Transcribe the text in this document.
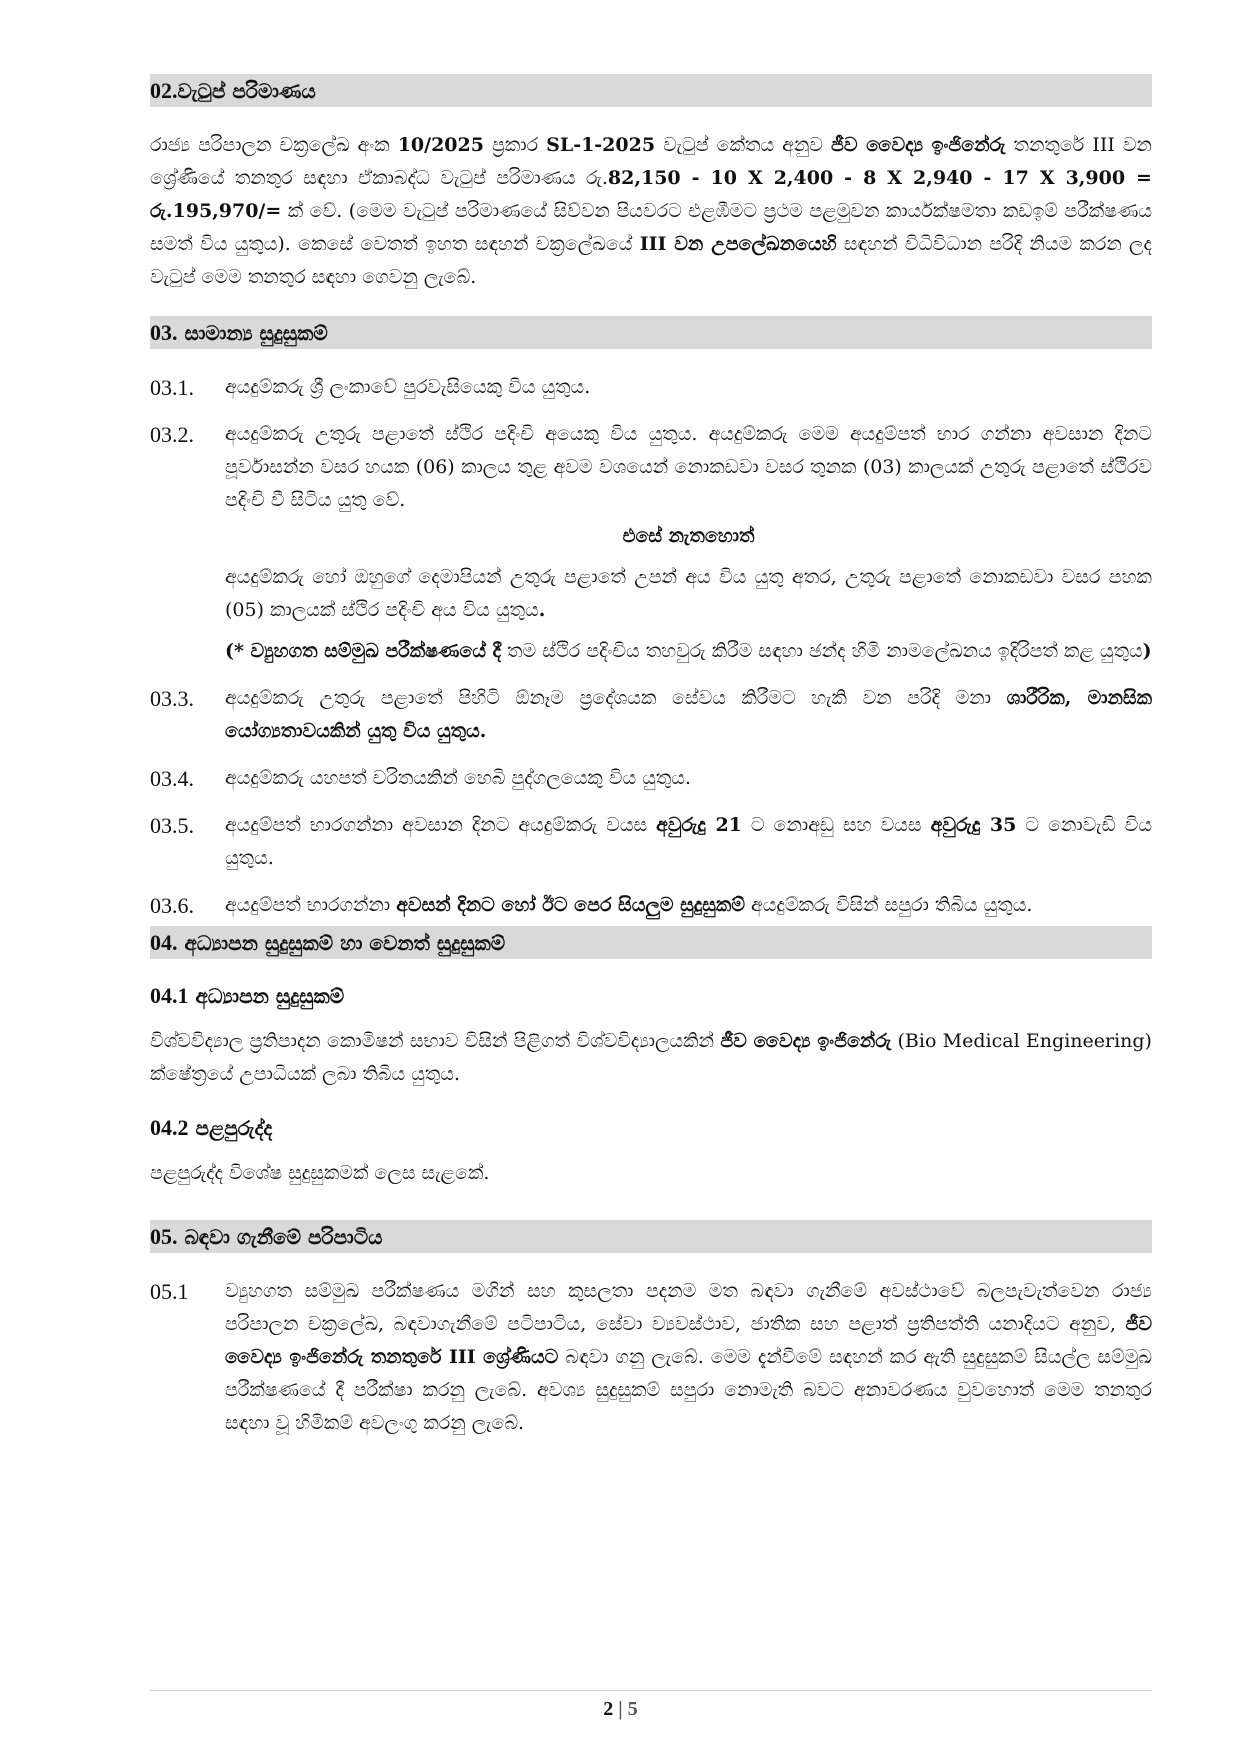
02.වැටුප් පරිමාණය

රාජ්‍ය පරිපාලන චක්‍රලේඛ අංක 10/2025 ප්‍රකාර SL-1-2025 වැටුප් කේතය අනුව ජීව වෛද්‍ය ඉංජිනේරු තනතුරේ III වන ශ්‍රේණියේ තනතුර සඳහා ඒකාබද්ධ වැටුප් පරිමාණය රු.82,150 - 10 X 2,400 - 8 X 2,940 - 17 X 3,900 = රු.195,970/= ක් වේ. (මෙම වැටුප් පරිමාණයේ සිව්වන පියවරට එළඹීමට ප්‍රථම පළමුවන කාර්යක්ෂමතා කඩඉම් පරීක්ෂණය සමත් විය යුතුය). කෙසේ වෙතත් ඉහත සඳහන් චක්‍රලේඛයේ III වන උපලේඛනයෙහි සඳහන් විධිවිධාන පරිදි නියම කරන ලද වැටුප් මෙම තනතුර සඳහා ගෙවනු ලැබේ.

03. සාමාන්‍ය සුදුසුකම්
03.1.	අයදුම්කරු ශ්‍රී ලංකාවේ පුරවැසියෙකු විය යුතුය.
03.2.	අයදුම්කරු උතුරු පළාතේ ස්ථිර පදිංචි අයෙකු විය යුතුය. අයදුම්කරු මෙම අයදුම්පත් භාර ගන්නා අවසාන දිනට පූර්වාසන්න වසර හයක (06) කාලය තුළ අවම වශයෙන් නොකඩවා වසර තුනක (03) කාලයක් උතුරු පළාතේ ස්ථිරව පදිංචි වී සිටිය යුතු වේ.
එසේ නැතහොත්
අයදුම්කරු හෝ ඔහුගේ දෙමාපියන් උතුරු පළාතේ උපන් අය විය යුතු අතර, උතුරු පළාතේ නොකඩවා වසර පහක (05) කාලයක් ස්ථිර පදිංචි අය විය යුතුය.
(* ව්‍යුහගත සම්මුඛ පරීක්ෂණයේ දී තම ස්ථිර පදිංචිය තහවුරු කිරීම සඳහා ඡන්ද හිමි නාමලේඛනය ඉදිරිපත් කළ යුතුය)
03.3.	අයදුම්කරු උතුරු පළාතේ පිහිටි ඕනෑම ප්‍රදේශයක සේවය කිරීමට හැකි වන පරිදි මනා ශාරීරික, මානසික යෝග්‍යතාවයකින් යුතු විය යුතුය.
03.4.	අයදුම්කරු යහපත් චරිතයකින් හෙබි පුද්ගලයෙකු විය යුතුය.
03.5.	අයදුම්පත් භාරගන්නා අවසාන දිනට අයදුම්කරු වයස අවුරුදු 21 ට නොඅඩු සහ වයස අවුරුදු 35 ට නොවැඩි විය යුතුය.
03.6.	අයදුම්පත් භාරගන්නා අවසන් දිනට හෝ ඊට පෙර සියලුම සුදුසුකම් අයදුම්කරු විසින් සපුරා තිබිය යුතුය.
04. අධ්‍යාපන සුදුසුකම් හා වෙනත් සුදුසුකම්
04.1 අධ්‍යාපන සුදුසුකම්

විශ්වවිද්‍යාල ප්‍රතිපාදන කොමිෂන් සභාව විසින් පිළිගත් විශ්වවිද්‍යාලයකින් ජීව වෛද්‍ය ඉංජිනේරු (Bio Medical Engineering) ක්ෂේත්‍රයේ උපාධියක් ලබා තිබිය යුතුය.

04.2 පළපුරුද්ද

පළපුරුද්ද විශේෂ සුදුසුකමක් ලෙස සැළකේ.

05. බඳවා ගැනීමේ පරිපාටිය
05.1	ව්‍යුහගත සම්මුඛ පරීක්ෂණය මගින් සහ කුසලතා පදනම මත බඳවා ගැනීමේ අවස්ථාවේ බලපැවැත්වෙන රාජ්‍ය පරිපාලන චක්‍රලේඛ, බඳවාගැනීමේ පටිපාටිය, සේවා ව්‍යවස්ථාව, ජාතික සහ පළාත් ප්‍රතිපත්ති යනාදියට අනුව, ජීව වෛද්‍ය ඉංජිනේරු තනතුරේ III ශ්‍රේණියට බඳවා ගනු ලැබේ. මෙම දැන්වීමේ සඳහන් කර ඇති සුදුසුකම් සියල්ල සම්මුඛ පරීක්ෂණයේ දී පරීක්ෂා කරනු ලැබේ. අවශ්‍ය සුදුසුකම් සපුරා නොමැති බවට අනාවරණය වුවහොත් මෙම තනතුර සඳහා වූ හිමිකම් අවලංගු කරනු ලැබේ.
2 | 5
